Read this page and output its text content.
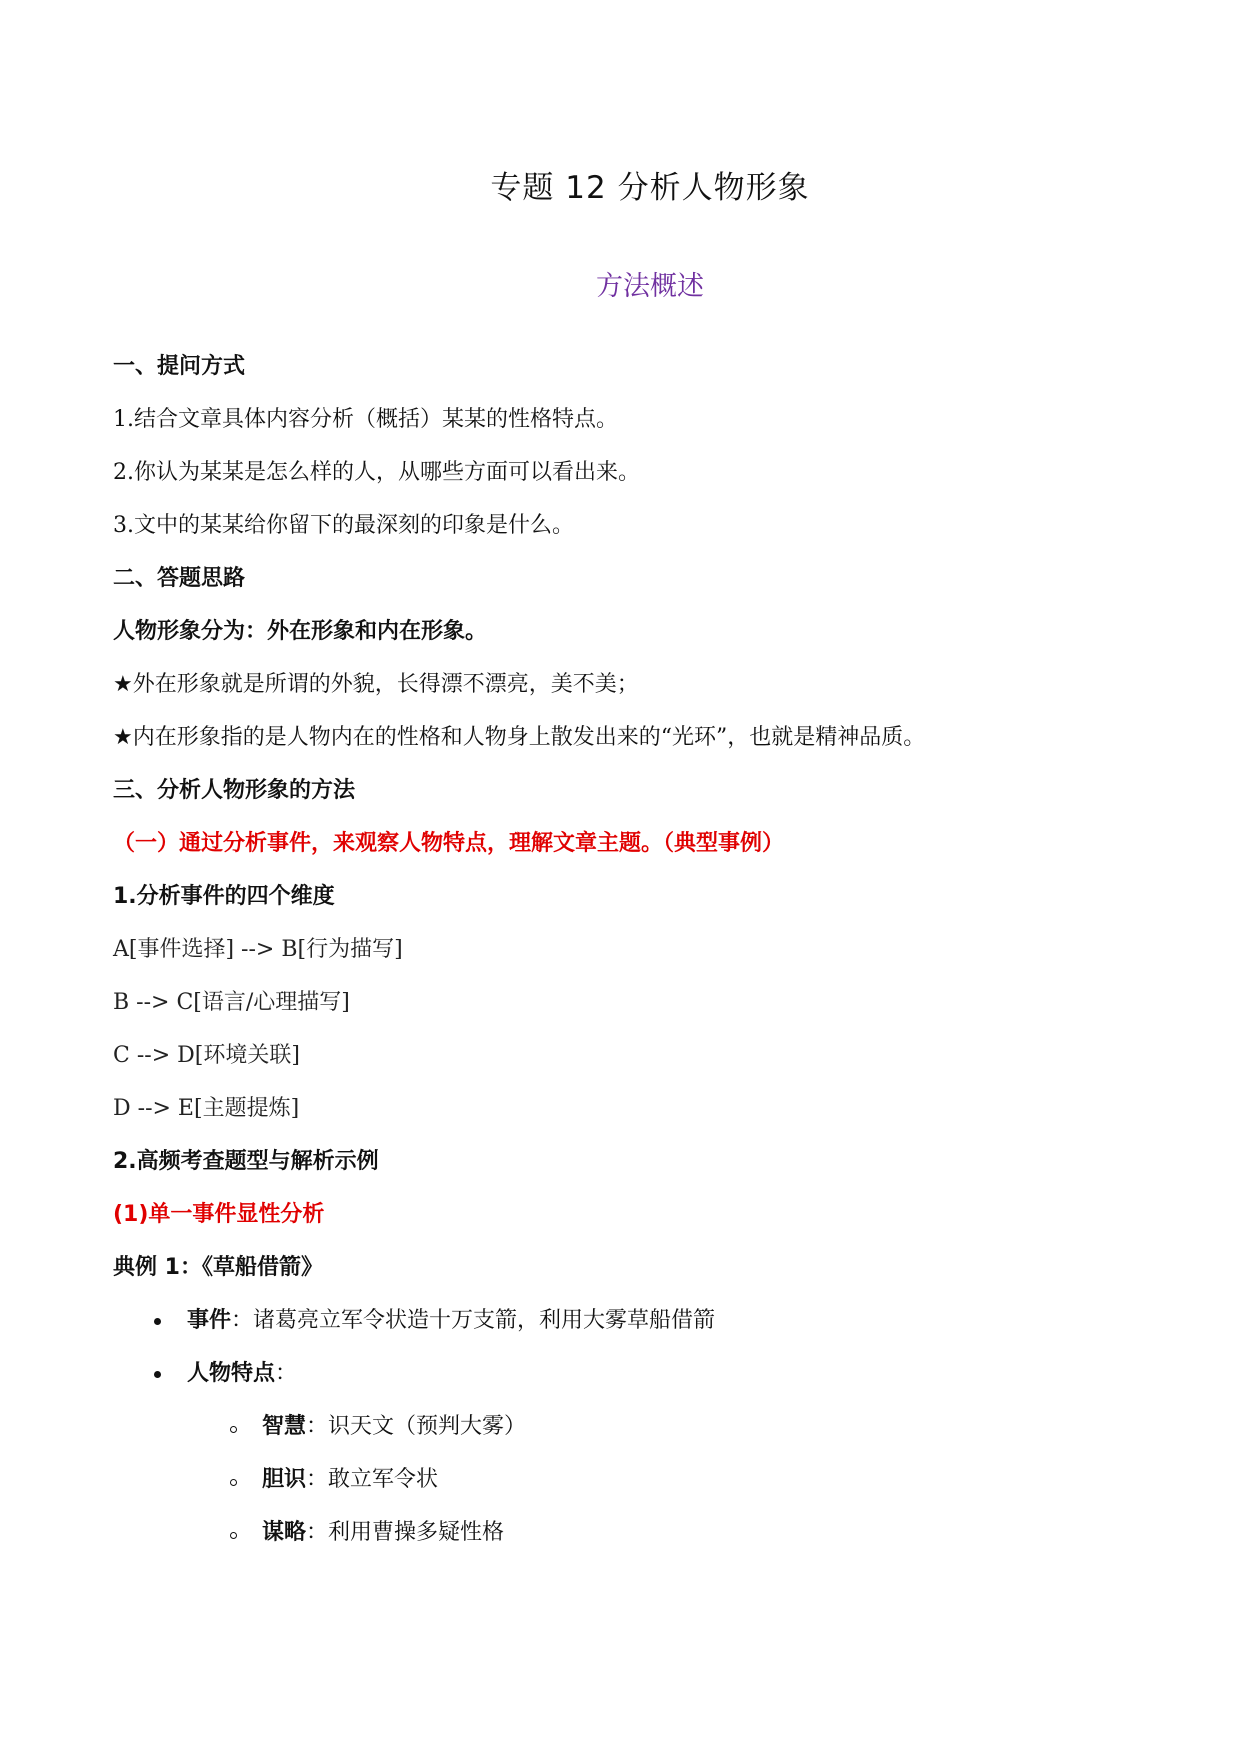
专题 12 分析人物形象
方法概述
一、提问方式
1.结合文章具体内容分析（概括）某某的性格特点。
2.你认为某某是怎么样的人，从哪些方面可以看出来。
3.文中的某某给你留下的最深刻的印象是什么。
二、答题思路
人物形象分为：外在形象和内在形象。
★外在形象就是所谓的外貌，长得漂不漂亮，美不美；
★内在形象指的是人物内在的性格和人物身上散发出来的“光环”，也就是精神品质。
三、分析人物形象的方法
（一）通过分析事件，来观察人物特点，理解文章主题。（典型事例）
1.分析事件的四个维度
A[事件选择] --> B[行为描写]
B --> C[语言/心理描写]
C --> D[环境关联]
D --> E[主题提炼]
2.高频考查题型与解析示例
(1)单一事件显性分析
典例 1：《草船借箭》
事件：诸葛亮立军令状造十万支箭，利用大雾草船借箭
人物特点：
智慧：识天文（预判大雾）
胆识：敢立军令状
谋略：利用曹操多疑性格
